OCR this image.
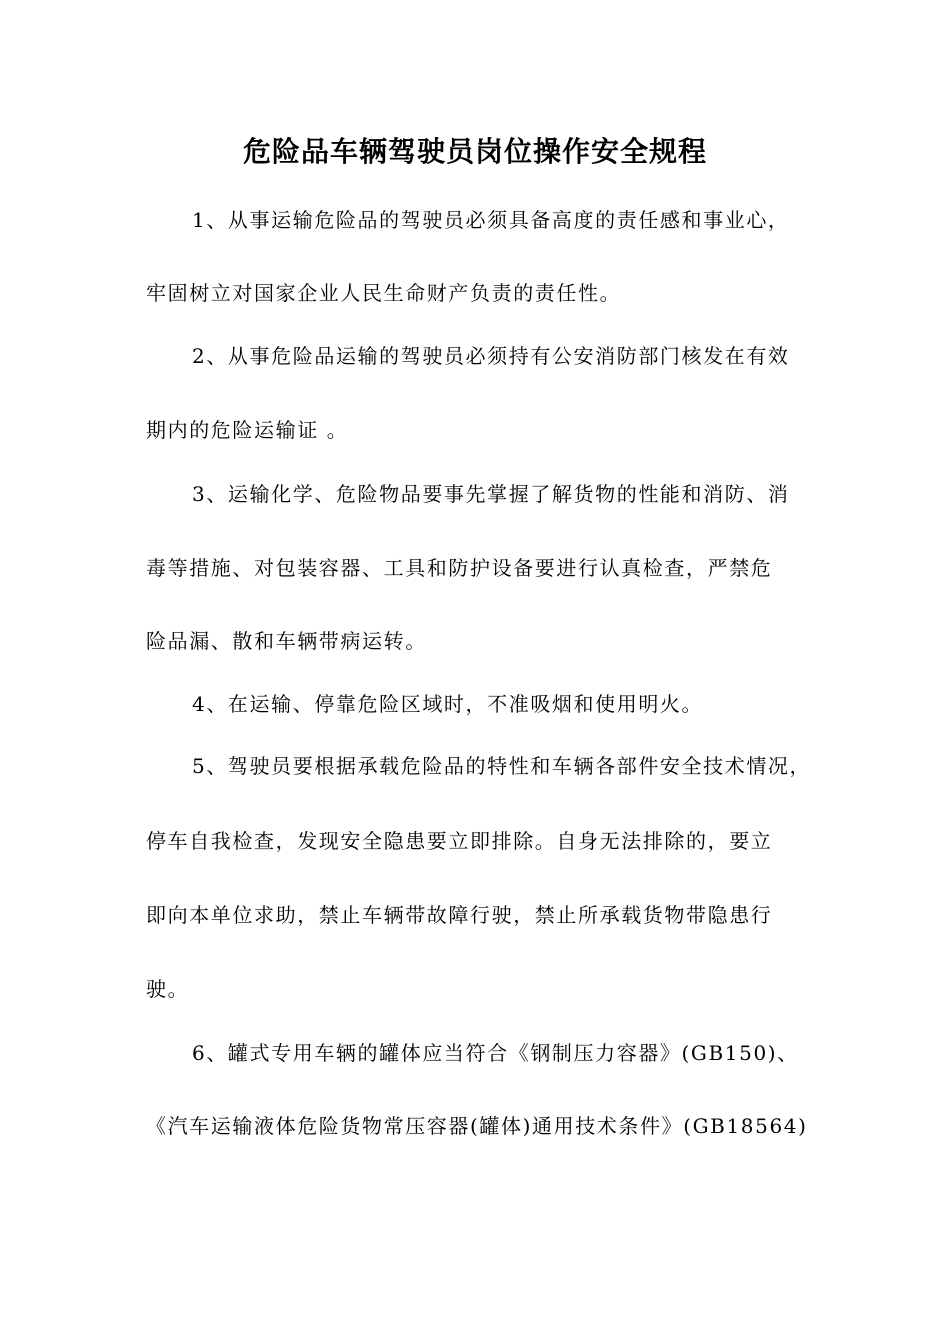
危险品车辆驾驶员岗位操作安全规程
1、从事运输危险品的驾驶员必须具备高度的责任感和事业心，
牢固树立对国家企业人民生命财产负责的责任性。
2、从事危险品运输的驾驶员必须持有公安消防部门核发在有效
期内的危险运输证 。
3、运输化学、危险物品要事先掌握了解货物的性能和消防、消
毒等措施、对包装容器、工具和防护设备要进行认真检查，严禁危
险品漏、散和车辆带病运转。
4、在运输、停靠危险区域时，不准吸烟和使用明火。
5、驾驶员要根据承载危险品的特性和车辆各部件安全技术情况，
停车自我检查，发现安全隐患要立即排除。自身无法排除的，要立
即向本单位求助，禁止车辆带故障行驶，禁止所承载货物带隐患行
驶。
6、罐式专用车辆的罐体应当符合《钢制压力容器》(GB150)、
《汽车运输液体危险货物常压容器(罐体)通用技术条件》(GB18564)
